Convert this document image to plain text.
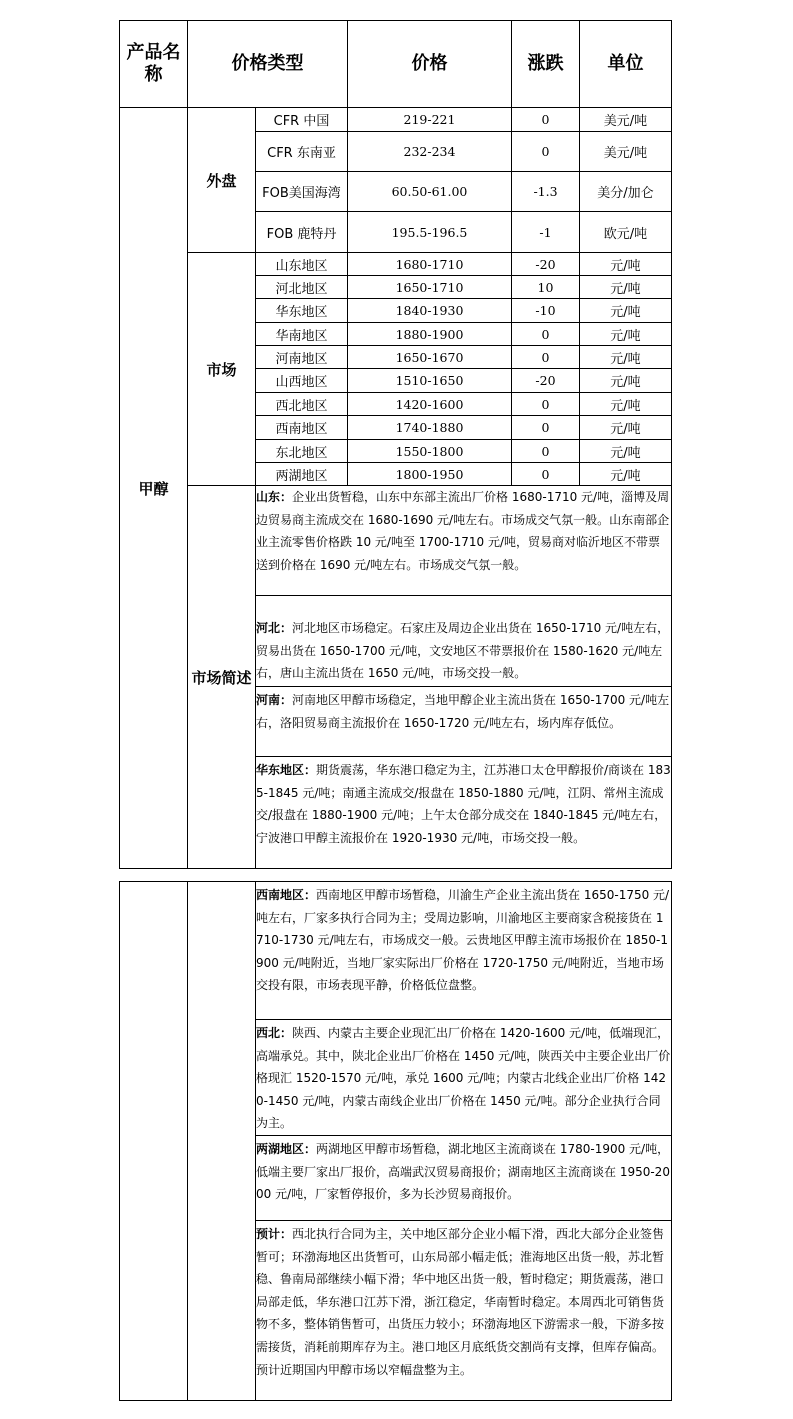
产品名称	价格类型		价格	涨跌	单位
甲醇	外盘	CFR 中国	219-221	0	美元/吨
		CFR 东南亚	232-234	0	美元/吨
		FOB美国海湾	60.50-61.00	-1.3	美分/加仑
		FOB 鹿特丹	195.5-196.5	-1	欧元/吨
	市场	山东地区	1680-1710	-20	元/吨
		河北地区	1650-1710	10	元/吨
		华东地区	1840-1930	-10	元/吨
		华南地区	1880-1900	0	元/吨
		河南地区	1650-1670	0	元/吨
		山西地区	1510-1650	-20	元/吨
		西北地区	1420-1600	0	元/吨
		西南地区	1740-1880	0	元/吨
		东北地区	1550-1800	0	元/吨
		两湖地区	1800-1950	0	元/吨
	市场简述	山东：企业出货暂稳，山东中东部主流出厂价格 1680-1710 元/吨，淄博及周边贸易商主流成交在 1680-1690 元/吨左右。市场成交气氛一般。山东南部企业主流零售价格跌 10 元/吨至 1700-1710 元/吨，贸易商对临沂地区不带票送到价格在 1690 元/吨左右。市场成交气氛一般。			
		河北：河北地区市场稳定。石家庄及周边企业出货在 1650-1710 元/吨左右，贸易出货在 1650-1700 元/吨，文安地区不带票报价在 1580-1620 元/吨左右，唐山主流出货在 1650 元/吨，市场交投一般。			
		河南：河南地区甲醇市场稳定，当地甲醇企业主流出货在 1650-1700 元/吨左右，洛阳贸易商主流报价在 1650-1720 元/吨左右，场内库存低位。			
		华东地区：期货震荡，华东港口稳定为主，江苏港口太仓甲醇报价/商谈在 1835-1845 元/吨；南通主流成交/报盘在 1850-1880 元/吨，江阴、常州主流成交/报盘在 1880-1900 元/吨；上午太仓部分成交在 1840-1845 元/吨左右，宁波港口甲醇主流报价在 1920-1930 元/吨，市场交投一般。			
		西南地区：西南地区甲醇市场暂稳，川渝生产企业主流出货在 1650-1750 元/吨左右，厂家多执行合同为主；受周边影响，川渝地区主要商家含税接货在 1710-1730 元/吨左右，市场成交一般。云贵地区甲醇主流市场报价在 1850-1900 元/吨附近，当地厂家实际出厂价格在 1720-1750 元/吨附近，当地市场交投有限，市场表现平静，价格低位盘整。
西北：陕西、内蒙古主要企业现汇出厂价格在 1420-1600 元/吨，低端现汇，高端承兑。其中，陕北企业出厂价格在 1450 元/吨，陕西关中主要企业出厂价格现汇 1520-1570 元/吨，承兑 1600 元/吨；内蒙古北线企业出厂价格 1420-1450 元/吨，内蒙古南线企业出厂价格在 1450 元/吨。部分企业执行合同为主。
两湖地区：两湖地区甲醇市场暂稳，湖北地区主流商谈在 1780-1900 元/吨，低端主要厂家出厂报价，高端武汉贸易商报价；湖南地区主流商谈在 1950-2000 元/吨，厂家暂停报价，多为长沙贸易商报价。
预计：西北执行合同为主，关中地区部分企业小幅下滑，西北大部分企业签售暂可；环渤海地区出货暂可，山东局部小幅走低；淮海地区出货一般，苏北暂稳、鲁南局部继续小幅下滑；华中地区出货一般，暂时稳定；期货震荡，港口局部走低，华东港口江苏下滑，浙江稳定，华南暂时稳定。本周西北可销售货物不多，整体销售暂可，出货压力较小；环渤海地区下游需求一般，下游多按需接货，消耗前期库存为主。港口地区月底纸货交割尚有支撑，但库存偏高。预计近期国内甲醇市场以窄幅盘整为主。
